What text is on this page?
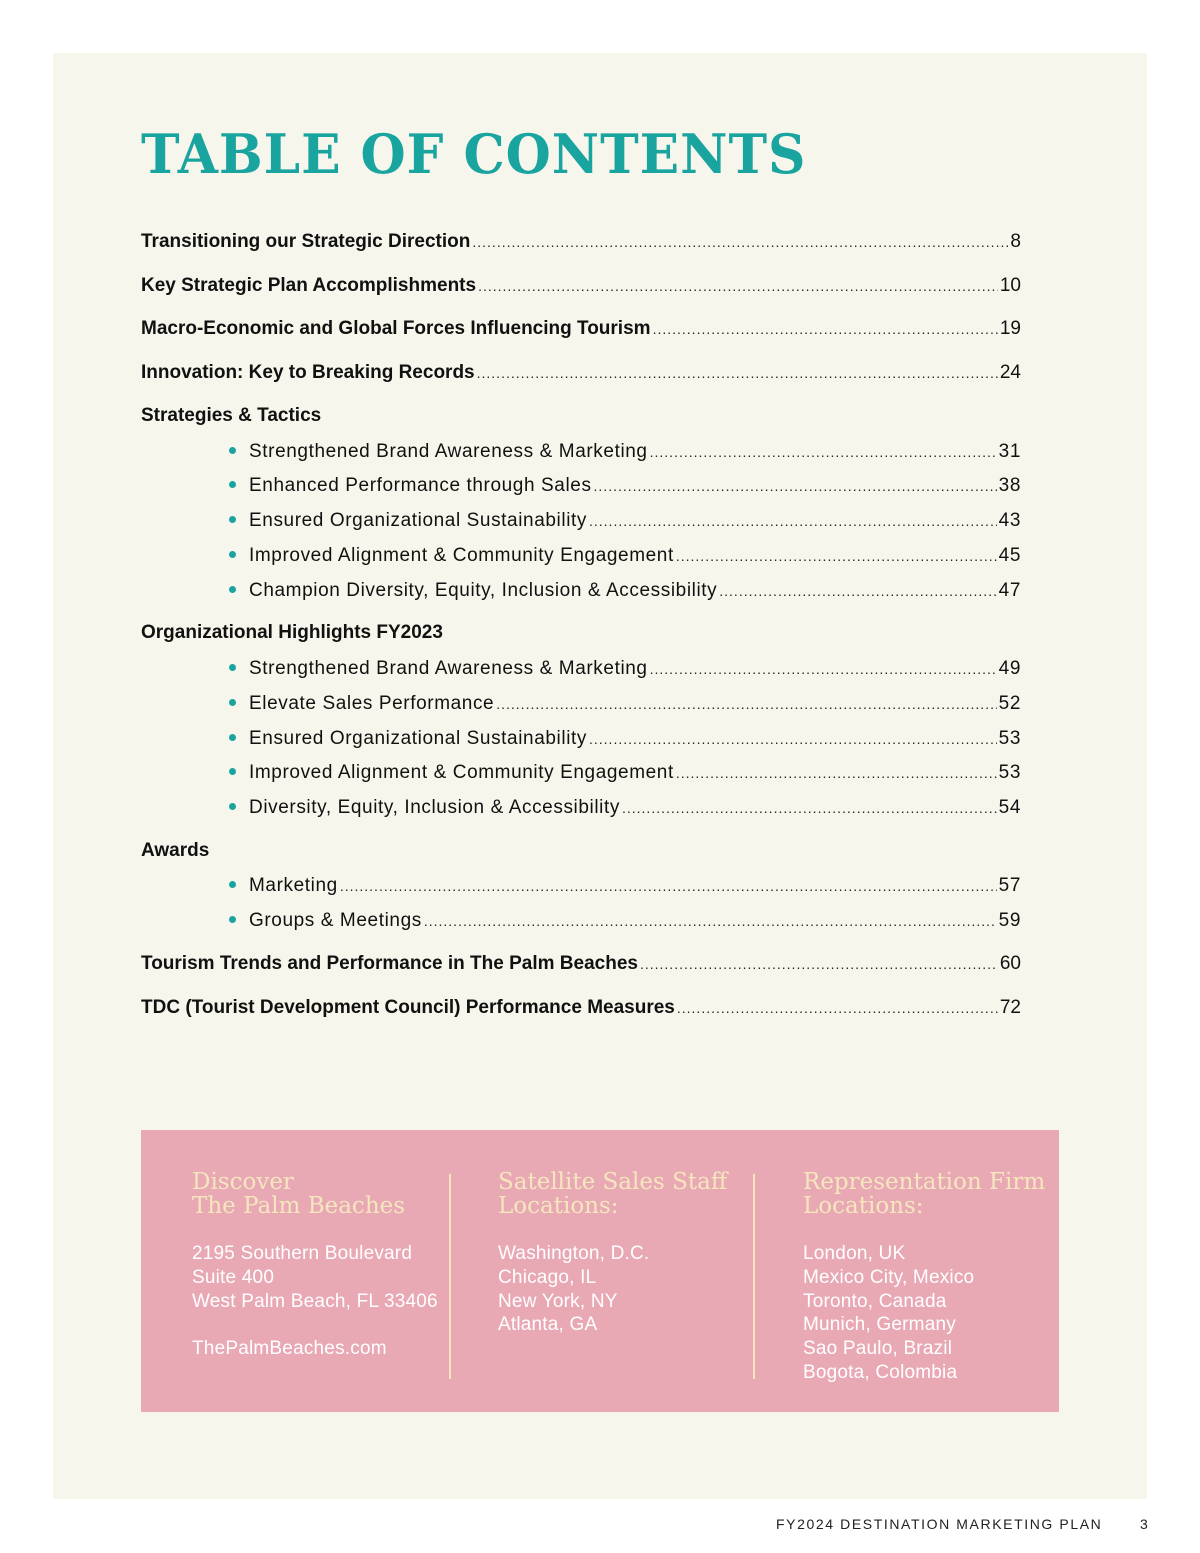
TABLE OF CONTENTS
Transitioning our Strategic Direction .....	8
Key Strategic Plan Accomplishments .....	10
Macro-Economic and Global Forces Influencing Tourism .....	19
Innovation: Key to Breaking Records .....	24
Strategies & Tactics
Strengthened Brand Awareness & Marketing .....	31
Enhanced Performance through Sales .....	38
Ensured Organizational Sustainability .....	43
Improved Alignment & Community Engagement .....	45
Champion Diversity, Equity, Inclusion & Accessibility .....	47
Organizational Highlights FY2023
Strengthened Brand Awareness & Marketing .....	49
Elevate Sales Performance .....	52
Ensured Organizational Sustainability .....	53
Improved Alignment & Community Engagement .....	53
Diversity, Equity, Inclusion & Accessibility .....	54
Awards
Marketing .....	57
Groups & Meetings .....	59
Tourism Trends and Performance in The Palm Beaches .....	60
TDC (Tourist Development Council) Performance Measures .....	72
Discover
The Palm Beaches
2195 Southern Boulevard
Suite 400
West Palm Beach, FL 33406
ThePalmBeaches.com
Satellite Sales Staff
Locations:
Washington, D.C.
Chicago, IL
New York, NY
Atlanta, GA
Representation Firm
Locations:
London, UK
Mexico City, Mexico
Toronto, Canada
Munich, Germany
Sao Paulo, Brazil
Bogota, Colombia
FY2024 DESTINATION MARKETING PLAN	3
